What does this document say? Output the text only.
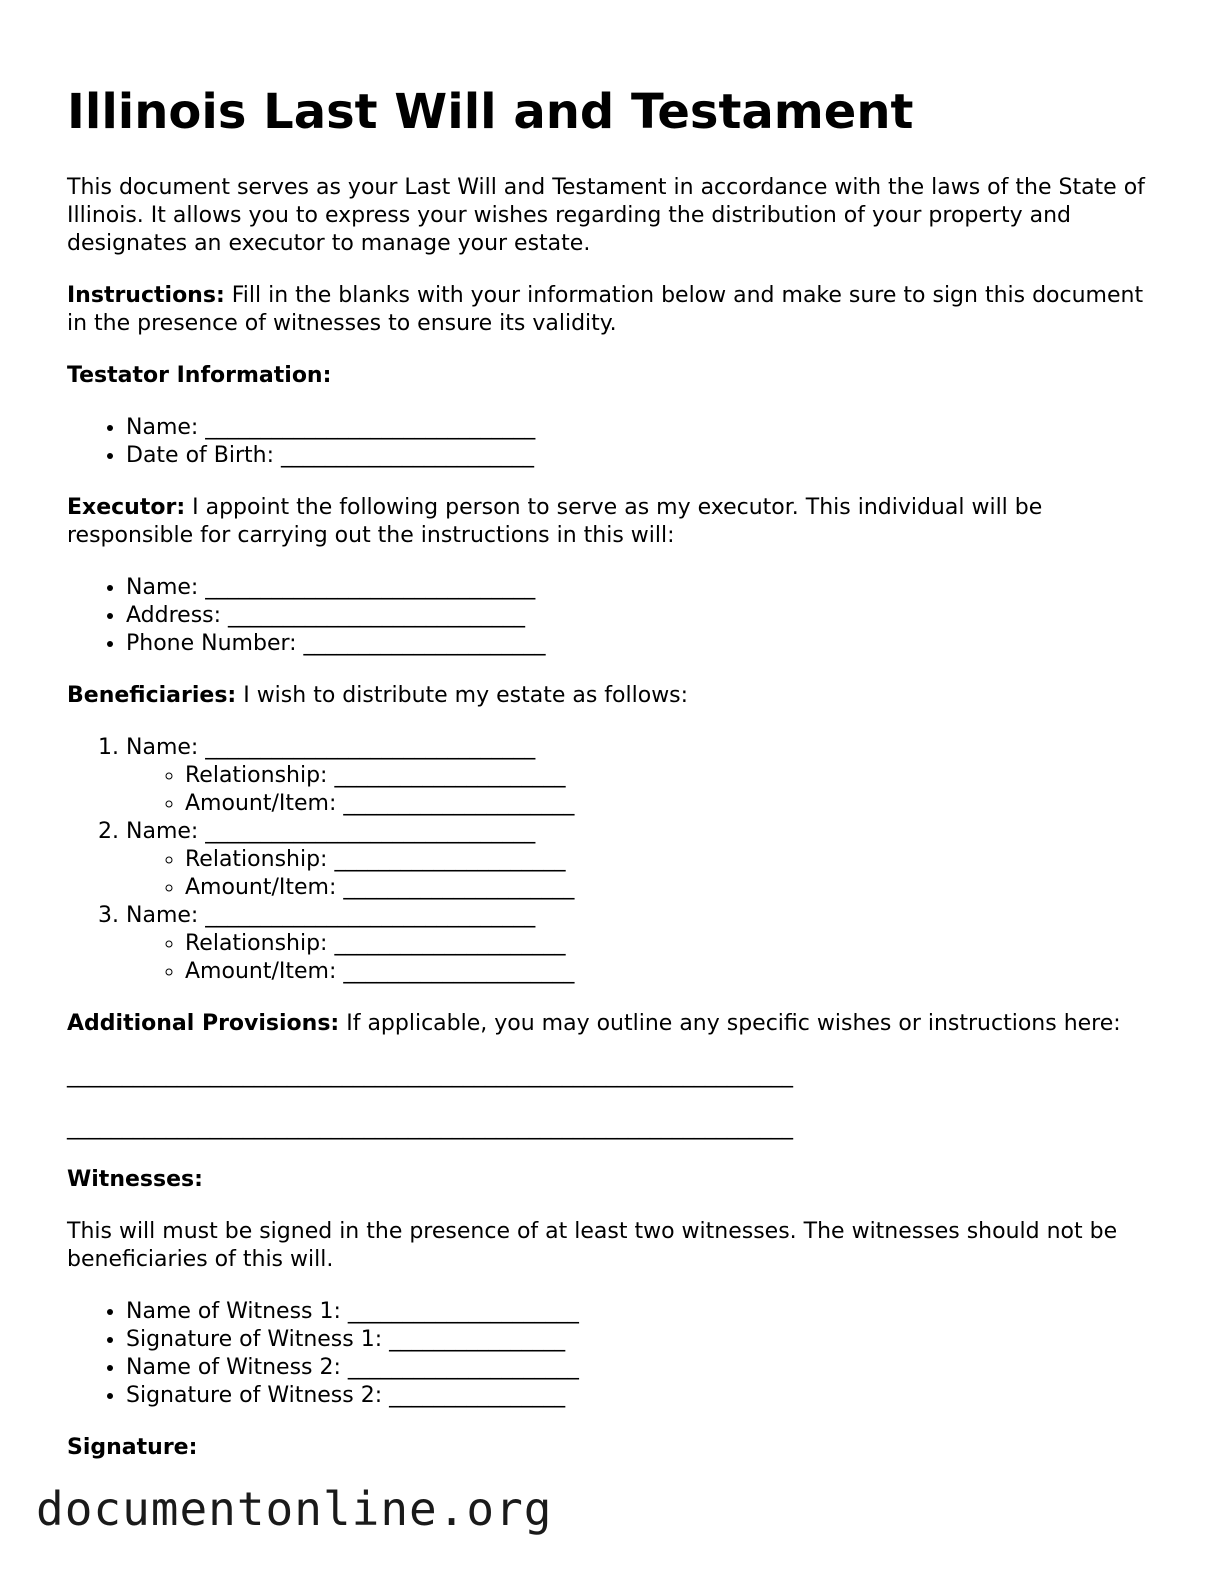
Illinois Last Will and Testament

This document serves as your Last Will and Testament in accordance with the laws of the State of Illinois. It allows you to express your wishes regarding the distribution of your property and designates an executor to manage your estate.

Instructions: Fill in the blanks with your information below and make sure to sign this document in the presence of witnesses to ensure its validity.

Testator Information:
• Name: ______________________________
• Date of Birth: _______________________

Executor: I appoint the following person to serve as my executor. This individual will be responsible for carrying out the instructions in this will:

• Name: ______________________________
• Address: ___________________________
• Phone Number: ______________________

Beneficiaries: I wish to distribute my estate as follows:

1. Name: ______________________________
◦ Relationship: _____________________
◦ Amount/Item: _____________________
2. Name: ______________________________
◦ Relationship: _____________________
◦ Amount/Item: _____________________
3. Name: ______________________________
◦ Relationship: _____________________
◦ Amount/Item: _____________________

Additional Provisions: If applicable, you may outline any specific wishes or instructions here:

__________________________________________________________________
__________________________________________________________________
Witnesses:

This will must be signed in the presence of at least two witnesses. The witnesses should not be beneficiaries of this will.

• Name of Witness 1: _____________________
• Signature of Witness 1: ________________
• Name of Witness 2: _____________________
• Signature of Witness 2: ________________
Signature:
documentonline.org
